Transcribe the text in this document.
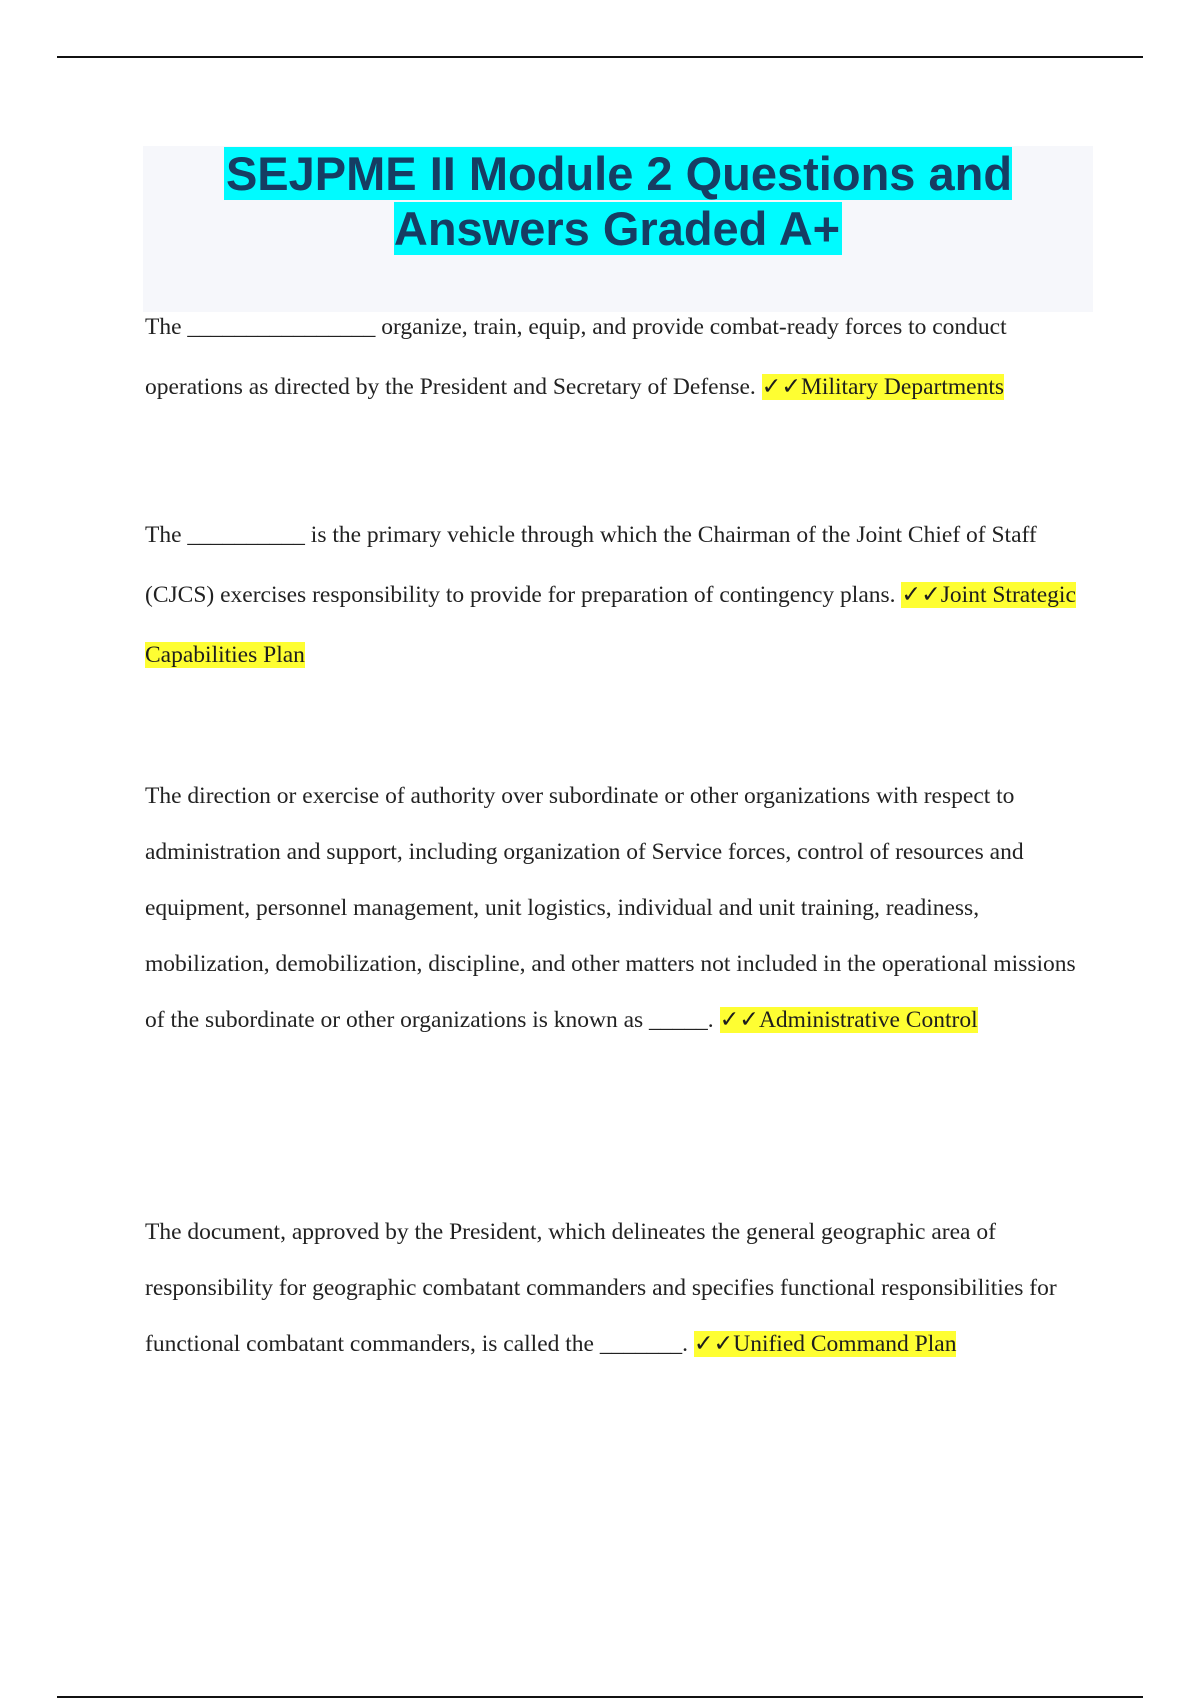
SEJPME II Module 2 Questions and Answers Graded A+

The ________________ organize, train, equip, and provide combat-ready forces to conduct operations as directed by the President and Secretary of Defense. ✓✓Military Departments

The __________ is the primary vehicle through which the Chairman of the Joint Chief of Staff (CJCS) exercises responsibility to provide for preparation of contingency plans. ✓✓Joint Strategic Capabilities Plan

The direction or exercise of authority over subordinate or other organizations with respect to administration and support, including organization of Service forces, control of resources and equipment, personnel management, unit logistics, individual and unit training, readiness, mobilization, demobilization, discipline, and other matters not included in the operational missions of the subordinate or other organizations is known as _____. ✓✓Administrative Control

The document, approved by the President, which delineates the general geographic area of responsibility for geographic combatant commanders and specifies functional responsibilities for functional combatant commanders, is called the _______. ✓✓Unified Command Plan
